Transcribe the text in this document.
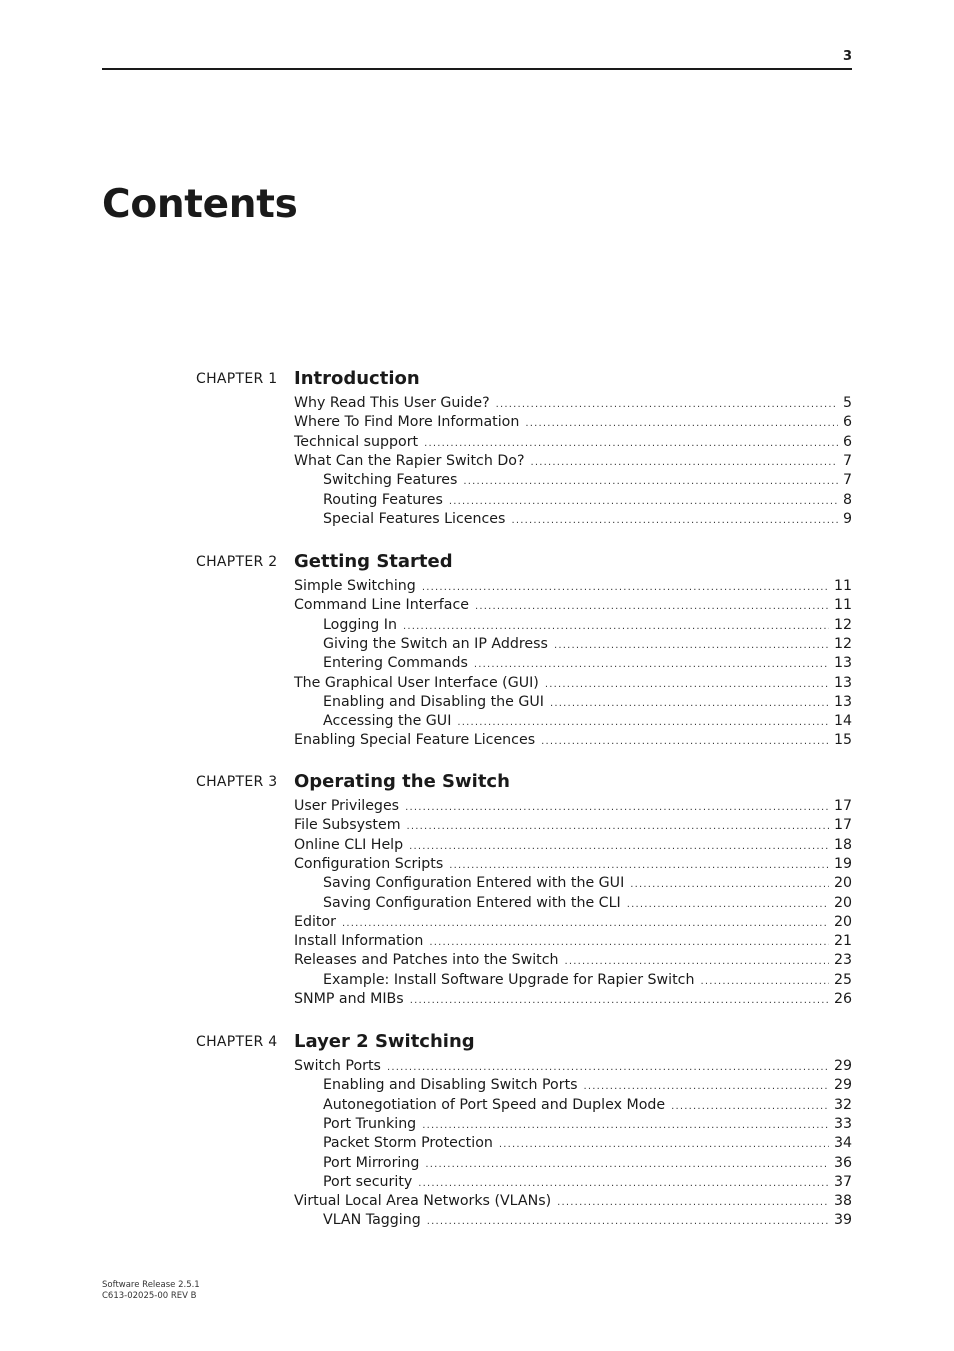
3
Contents
CHAPTER 1 Introduction
Why Read This User Guide? .....	5
Where To Find More Information .....	6
Technical support .....	6
What Can the Rapier Switch Do? .....	7
Switching Features .....	7
Routing Features .....	8
Special Features Licences .....	9
CHAPTER 2 Getting Started
Simple Switching .....	11
Command Line Interface .....	11
Logging In .....	12
Giving the Switch an IP Address .....	12
Entering Commands .....	13
The Graphical User Interface (GUI) .....	13
Enabling and Disabling the GUI .....	13
Accessing the GUI .....	14
Enabling Special Feature Licences .....	15
CHAPTER 3 Operating the Switch
User Privileges .....	17
File Subsystem .....	17
Online CLI Help .....	18
Configuration Scripts .....	19
Saving Configuration Entered with the GUI .....	20
Saving Configuration Entered with the CLI .....	20
Editor .....	20
Install Information .....	21
Releases and Patches into the Switch .....	23
Example: Install Software Upgrade for Rapier Switch .....	25
SNMP and MIBs .....	26
CHAPTER 4 Layer 2 Switching
Switch Ports .....	29
Enabling and Disabling Switch Ports .....	29
Autonegotiation of Port Speed and Duplex Mode .....	32
Port Trunking .....	33
Packet Storm Protection .....	34
Port Mirroring .....	36
Port security .....	37
Virtual Local Area Networks (VLANs) .....	38
VLAN Tagging .....	39
Software Release 2.5.1
C613-02025-00 REV B
